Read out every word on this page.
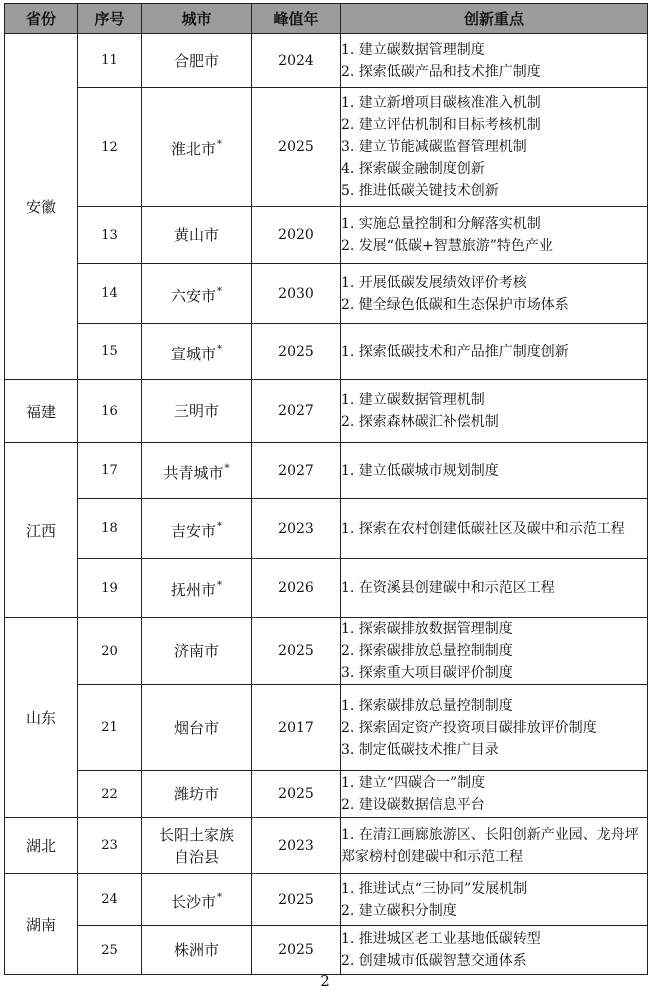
省份	序号	城市	峰值年	创新重点
安徽	11	合肥市	2024	1. 建立碳数据管理制度
2. 探索低碳产品和技术推广制度

	12	淮北市*	2025	1. 建立新增项目碳核准准入机制
2. 建立评估机制和目标考核机制
3. 建立节能减碳监督管理机制
4. 探索碳金融制度创新
5. 推进低碳关键技术创新

	13	黄山市	2020	1. 实施总量控制和分解落实机制
2. 发展“低碳+智慧旅游”特色产业

	14	六安市*	2030	1. 开展低碳发展绩效评价考核
2. 健全绿色低碳和生态保护市场体系

	15	宣城市*	2025	1. 探索低碳技术和产品推广制度创新

福建	16	三明市	2027	1. 建立碳数据管理机制
2. 探索森林碳汇补偿机制

江西	17	共青城市*	2027	1. 建立低碳城市规划制度

	18	吉安市*	2023	1. 探索在农村创建低碳社区及碳中和示范工程

	19	抚州市*	2026	1. 在资溪县创建碳中和示范区工程

山东	20	济南市	2025	1. 探索碳排放数据管理制度
2. 探索碳排放总量控制制度
3. 探索重大项目碳评价制度

	21	烟台市	2017	1. 探索碳排放总量控制制度
2. 探索固定资产投资项目碳排放评价制度
3. 制定低碳技术推广目录

	22	潍坊市	2025	1. 建立“四碳合一”制度
2. 建设碳数据信息平台

湖北	23	长阳土家族自治县	2023	1. 在清江画廊旅游区、长阳创新产业园、龙舟坪郑家榜村创建碳中和示范工程

湖南	24	长沙市*	2025	1. 推进试点“三协同”发展机制
2. 建立碳积分制度

	25	株洲市	2025	1. 推进城区老工业基地低碳转型
2. 创建城市低碳智慧交通体系
2
